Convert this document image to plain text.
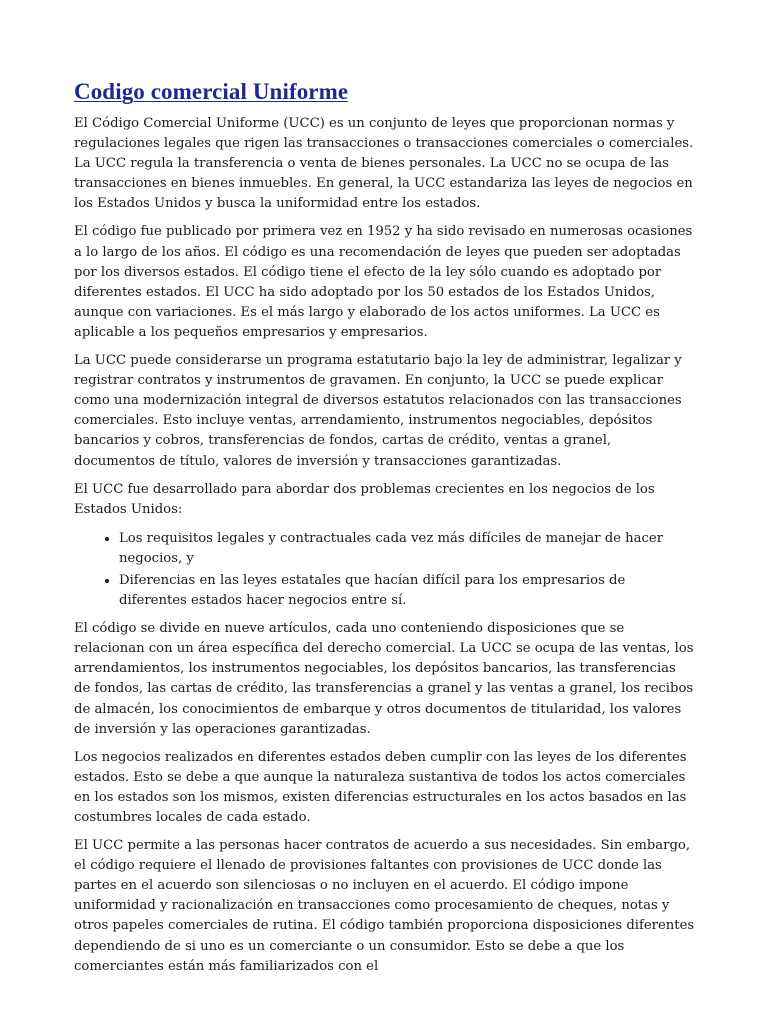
Codigo comercial Uniforme

El Código Comercial Uniforme (UCC) es un conjunto de leyes que proporcionan normas y regulaciones legales que rigen las transacciones o transacciones comerciales o comerciales. La UCC regula la transferencia o venta de bienes personales. La UCC no se ocupa de las transacciones en bienes inmuebles. En general, la UCC estandariza las leyes de negocios en los Estados Unidos y busca la uniformidad entre los estados.

El código fue publicado por primera vez en 1952 y ha sido revisado en numerosas ocasiones a lo largo de los años. El código es una recomendación de leyes que pueden ser adoptadas por los diversos estados. El código tiene el efecto de la ley sólo cuando es adoptado por diferentes estados. El UCC ha sido adoptado por los 50 estados de los Estados Unidos, aunque con variaciones. Es el más largo y elaborado de los actos uniformes. La UCC es aplicable a los pequeños empresarios y empresarios.

La UCC puede considerarse un programa estatutario bajo la ley de administrar, legalizar y registrar contratos y instrumentos de gravamen. En conjunto, la UCC se puede explicar como una modernización integral de diversos estatutos relacionados con las transacciones comerciales. Esto incluye ventas, arrendamiento, instrumentos negociables, depósitos bancarios y cobros, transferencias de fondos, cartas de crédito, ventas a granel, documentos de título, valores de inversión y transacciones garantizadas.

El UCC fue desarrollado para abordar dos problemas crecientes en los negocios de los Estados Unidos:

• Los requisitos legales y contractuales cada vez más difíciles de manejar de hacer negocios, y
• Diferencias en las leyes estatales que hacían difícil para los empresarios de diferentes estados hacer negocios entre sí.

El código se divide en nueve artículos, cada uno conteniendo disposiciones que se relacionan con un área específica del derecho comercial. La UCC se ocupa de las ventas, los arrendamientos, los instrumentos negociables, los depósitos bancarios, las transferencias de fondos, las cartas de crédito, las transferencias a granel y las ventas a granel, los recibos de almacén, los conocimientos de embarque y otros documentos de titularidad, los valores de inversión y las operaciones garantizadas.

Los negocios realizados en diferentes estados deben cumplir con las leyes de los diferentes estados. Esto se debe a que aunque la naturaleza sustantiva de todos los actos comerciales en los estados son los mismos, existen diferencias estructurales en los actos basados en las costumbres locales de cada estado.

El UCC permite a las personas hacer contratos de acuerdo a sus necesidades. Sin embargo, el código requiere el llenado de provisiones faltantes con provisiones de UCC donde las partes en el acuerdo son silenciosas o no incluyen en el acuerdo. El código impone uniformidad y racionalización en transacciones como procesamiento de cheques, notas y otros papeles comerciales de rutina. El código también proporciona disposiciones diferentes dependiendo de si uno es un comerciante o un consumidor. Esto se debe a que los comerciantes están más familiarizados con el
